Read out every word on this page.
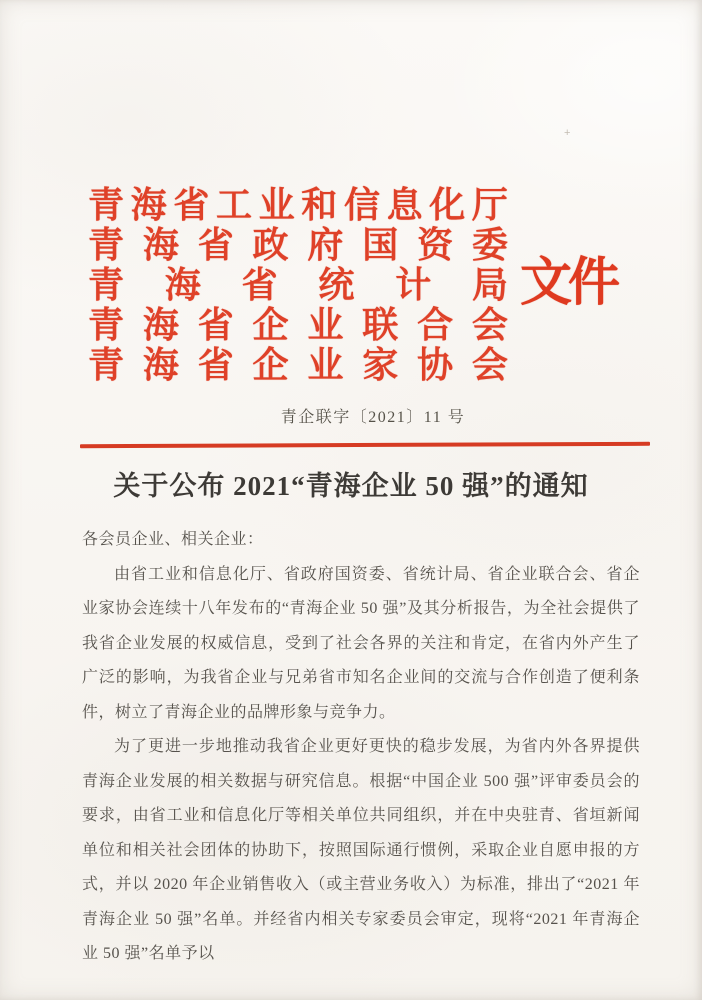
+
青 海 省 工 业 和 信 息 化 厅
青 海 省 政 府 国 资 委
青 海 省 统 计 局
青 海 省 企 业 联 合 会
青 海 省 企 业 家 协 会
文件
青企联字〔2021〕11 号
关于公布 2021“青海企业 50 强”的通知

各会员企业、相关企业：

由省工业和信息化厅、省政府国资委、省统计局、省企业联合会、省企业家协会连续十八年发布的“青海企业 50 强”及其分析报告，为全社会提供了我省企业发展的权威信息，受到了社会各界的关注和肯定，在省内外产生了广泛的影响，为我省企业与兄弟省市知名企业间的交流与合作创造了便利条件，树立了青海企业的品牌形象与竞争力。

为了更进一步地推动我省企业更好更快的稳步发展，为省内外各界提供青海企业发展的相关数据与研究信息。根据“中国企业 500 强”评审委员会的要求，由省工业和信息化厅等相关单位共同组织，并在中央驻青、省垣新闻单位和相关社会团体的协助下，按照国际通行惯例，采取企业自愿申报的方式，并以 2020 年企业销售收入（或主营业务收入）为标准，排出了“2021 年青海企业 50 强”名单。并经省内相关专家委员会审定，现将“2021 年青海企业 50 强”名单予以
